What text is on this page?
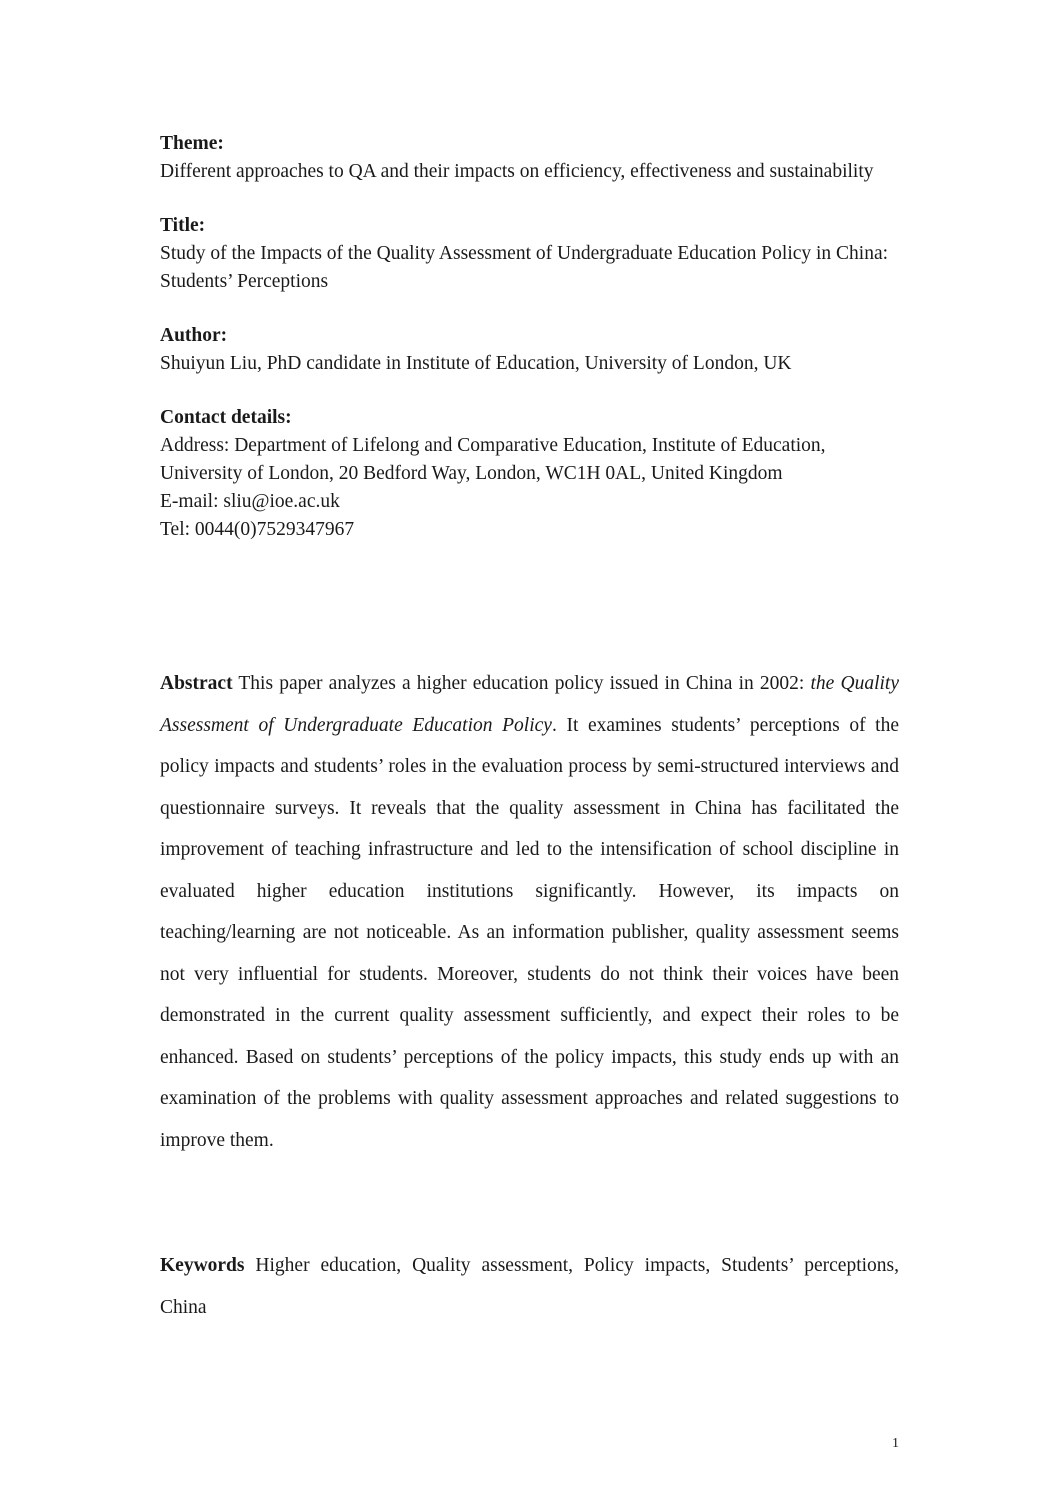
Theme:
Different approaches to QA and their impacts on efficiency, effectiveness and sustainability
Title:
Study of the Impacts of the Quality Assessment of Undergraduate Education Policy in China: Students’ Perceptions
Author:
Shuiyun Liu, PhD candidate in Institute of Education, University of London, UK
Contact details:
Address: Department of Lifelong and Comparative Education, Institute of Education, University of London, 20 Bedford Way, London, WC1H 0AL, United Kingdom
E-mail: sliu@ioe.ac.uk
Tel: 0044(0)7529347967
Abstract This paper analyzes a higher education policy issued in China in 2002: the Quality Assessment of Undergraduate Education Policy. It examines students’ perceptions of the policy impacts and students’ roles in the evaluation process by semi-structured interviews and questionnaire surveys. It reveals that the quality assessment in China has facilitated the improvement of teaching infrastructure and led to the intensification of school discipline in evaluated higher education institutions significantly. However, its impacts on teaching/learning are not noticeable. As an information publisher, quality assessment seems not very influential for students. Moreover, students do not think their voices have been demonstrated in the current quality assessment sufficiently, and expect their roles to be enhanced. Based on students’ perceptions of the policy impacts, this study ends up with an examination of the problems with quality assessment approaches and related suggestions to improve them.
Keywords Higher education, Quality assessment, Policy impacts, Students’ perceptions, China
1
